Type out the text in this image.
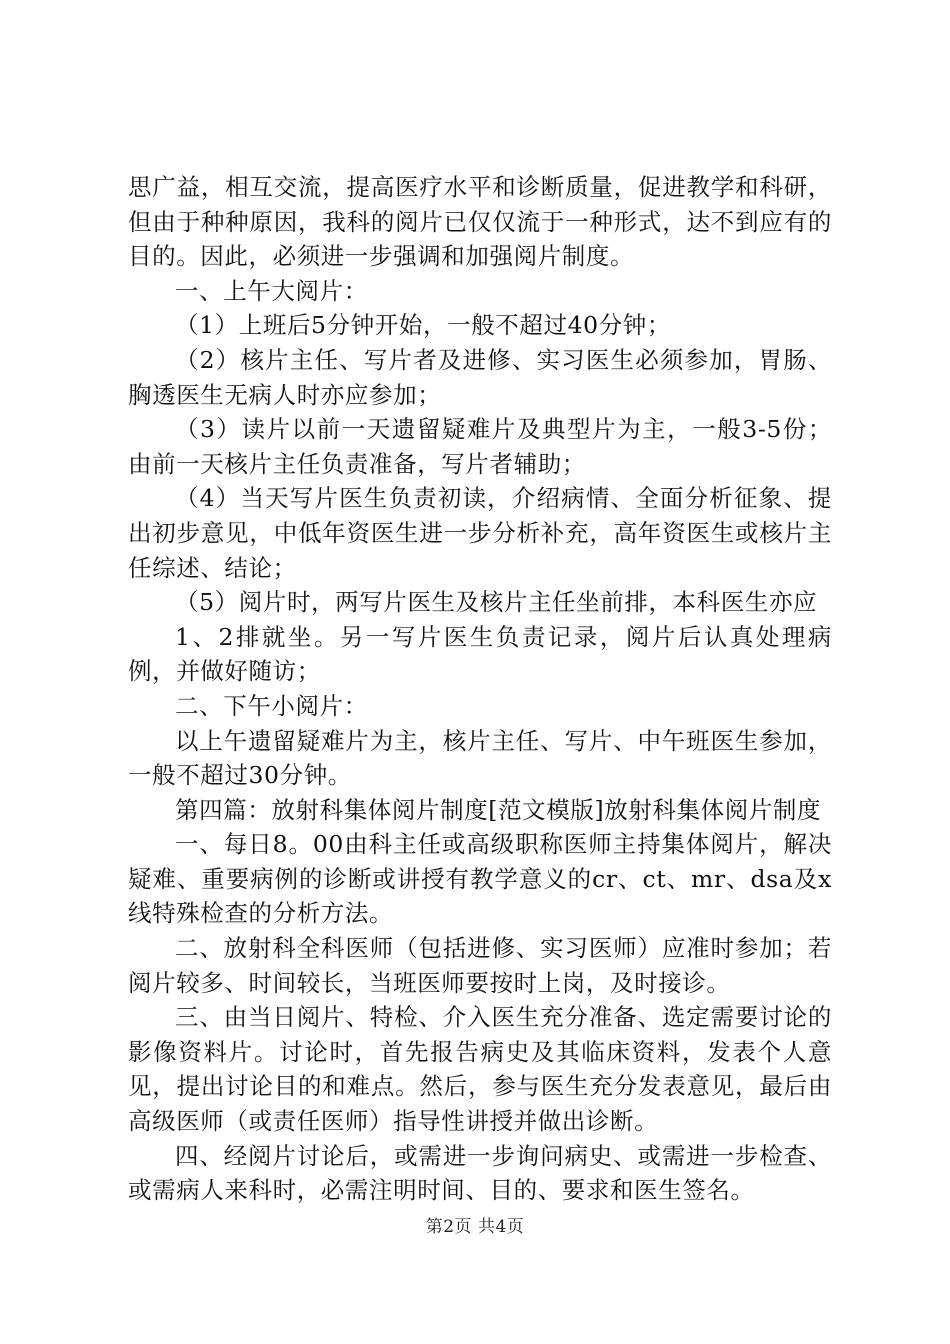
思广益，相互交流，提高医疗水平和诊断质量，促进教学和科研，但由于种种原因，我科的阅片已仅仅流于一种形式，达不到应有的目的。因此，必须进一步强调和加强阅片制度。

一、上午大阅片：

（1）上班后5分钟开始，一般不超过40分钟；

（2）核片主任、写片者及进修、实习医生必须参加，胃肠、胸透医生无病人时亦应参加；

（3）读片以前一天遗留疑难片及典型片为主，一般3-5份；由前一天核片主任负责准备，写片者辅助；

（4）当天写片医生负责初读，介绍病情、全面分析征象、提出初步意见，中低年资医生进一步分析补充，高年资医生或核片主任综述、结论；

（5）阅片时，两写片医生及核片主任坐前排，本科医生亦应

1、2排就坐。另一写片医生负责记录，阅片后认真处理病例，并做好随访；

二、下午小阅片：

以上午遗留疑难片为主，核片主任、写片、中午班医生参加，一般不超过30分钟。

第四篇：放射科集体阅片制度[范文模版]放射科集体阅片制度

一、每日8。00由科主任或高级职称医师主持集体阅片，解决疑难、重要病例的诊断或讲授有教学意义的cr、ct、mr、dsa及x线特殊检查的分析方法。

二、放射科全科医师（包括进修、实习医师）应准时参加；若阅片较多、时间较长，当班医师要按时上岗，及时接诊。

三、由当日阅片、特检、介入医生充分准备、选定需要讨论的影像资料片。讨论时，首先报告病史及其临床资料，发表个人意见，提出讨论目的和难点。然后，参与医生充分发表意见，最后由高级医师（或责任医师）指导性讲授并做出诊断。

四、经阅片讨论后，或需进一步询问病史、或需进一步检查、或需病人来科时，必需注明时间、目的、要求和医生签名。

第2页 共4页
